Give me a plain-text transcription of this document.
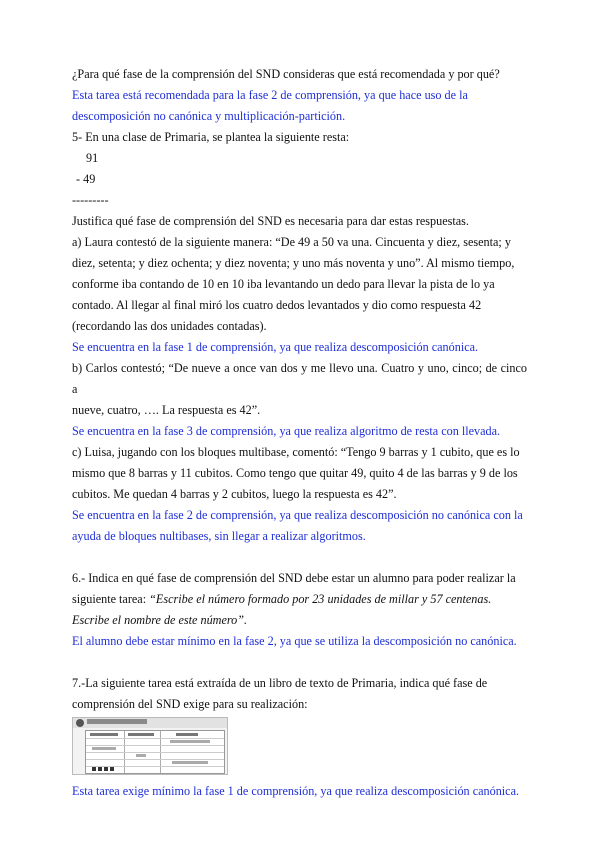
¿Para qué fase de la comprensión del SND consideras que está recomendada y por qué?

Esta tarea está recomendada para la fase 2 de comprensión, ya que hace uso de la

descomposición no canónica y multiplicación-partición.

5- En una clase de Primaria, se plantea la siguiente resta:

91

- 49

---------

Justifica qué fase de comprensión del SND es necesaria para dar estas respuestas.

a) Laura contestó de la siguiente manera: “De 49 a 50 va una. Cincuenta y diez, sesenta; y

diez, setenta; y diez ochenta; y diez noventa; y uno más noventa y uno”. Al mismo tiempo,

conforme iba contando de 10 en 10 iba levantando un dedo para llevar la pista de lo ya

contado. Al llegar al final miró los cuatro dedos levantados y dio como respuesta 42

(recordando las dos unidades contadas).

Se encuentra en la fase 1 de comprensión, ya que realiza descomposición canónica.

b) Carlos contestó; “De nueve a once van dos y me llevo una. Cuatro y uno, cinco; de cinco a

nueve, cuatro, …. La respuesta es 42”.

Se encuentra en la fase 3 de comprensión, ya que realiza algoritmo de resta con llevada.

c) Luisa, jugando con los bloques multibase, comentó: “Tengo 9 barras y 1 cubito, que es lo

mismo que 8 barras y 11 cubitos. Como tengo que quitar 49, quito 4 de las barras y 9 de los

cubitos. Me quedan 4 barras y 2 cubitos, luego la respuesta es 42”.

Se encuentra en la fase 2 de comprensión, ya que realiza descomposición no canónica con la

ayuda de bloques nultibases, sin llegar a realizar algoritmos.

6.- Indica en qué fase de comprensión del SND debe estar un alumno para poder realizar la

siguiente tarea: “Escribe el número formado por 23 unidades de millar y 57 centenas.

Escribe el nombre de este número”.

El alumno debe estar mínimo en la fase 2, ya que se utiliza la descomposición no canónica.

7.-La siguiente tarea está extraída de un libro de texto de Primaria, indica qué fase de

comprensión del SND exige para su realización:

Esta tarea exige mínimo la fase 1 de comprensión, ya que realiza descomposición canónica.
